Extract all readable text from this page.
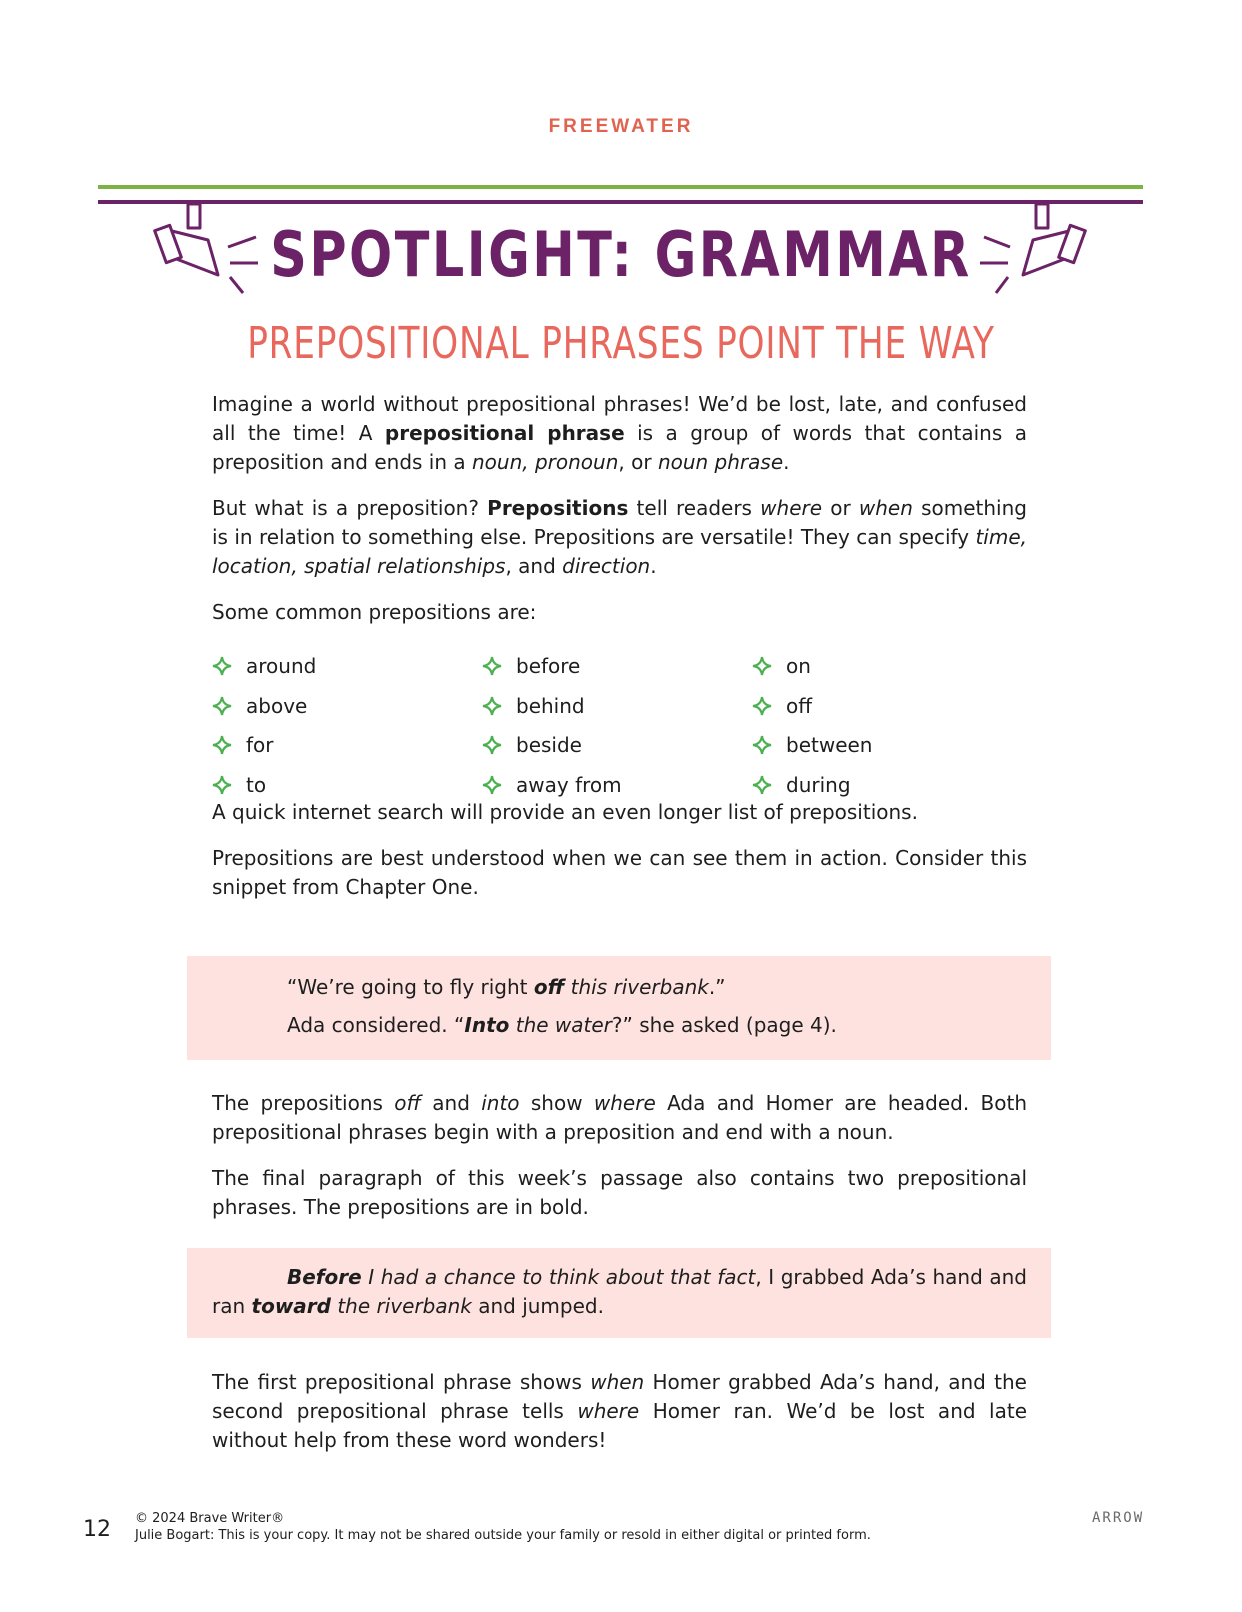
FREEWATER
SPOTLIGHT: GRAMMAR
PREPOSITIONAL PHRASES POINT THE WAY

Imagine a world without prepositional phrases! We’d be lost, late, and confused all the time! A prepositional phrase is a group of words that contains a preposition and ends in a noun, pronoun, or noun phrase.

But what is a preposition? Prepositions tell readers where or when something is in relation to something else. Prepositions are versatile! They can specify time, location, spatial relationships, and direction.

Some common prepositions are:

around
above
for
to
before
behind
beside
away from
on
off
between
during

A quick internet search will provide an even longer list of prepositions.

Prepositions are best understood when we can see them in action. Consider this snippet from Chapter One.

“We’re going to fly right off this riverbank.”

Ada considered. “Into the water?” she asked (page 4).

The prepositions off and into show where Ada and Homer are headed. Both prepositional phrases begin with a preposition and end with a noun.

The final paragraph of this week’s passage also contains two prepositional phrases. The prepositions are in bold.

Before I had a chance to think about that fact, I grabbed Ada’s hand and ran toward the riverbank and jumped.

The first prepositional phrase shows when Homer grabbed Ada’s hand, and the second prepositional phrase tells where Homer ran. We’d be lost and late without help from these word wonders!

12 © 2024 Brave Writer®
Julie Bogart: This is your copy. It may not be shared outside your family or resold in either digital or printed form.
ARROW
